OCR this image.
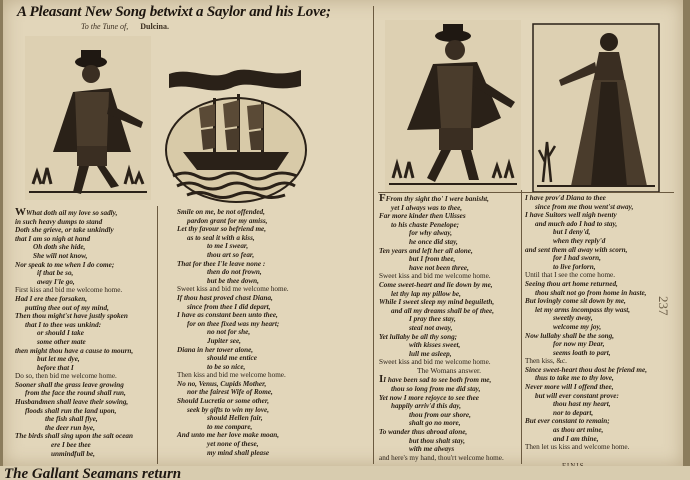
A Pleasant New Song betwixt a Saylor and his Love;
To the Tune of, Dulcina.
WWhat doth ail my love so sadly,
in such heavy dumps to stand
Doth she grieve, or take unkindly
that I am so nigh at hand
Oh doth she hide,
She will not know,
Nor speak to me when I do come;
if that be so,
away I'le go,
First kiss and bid me welcome home.
Had I ere thee forsaken,
putting thee out of my mind,
Then thou might'st have justly spoken
that I to thee was unkind:
or should I take
some other mate
then might thou have a cause to mourn,
but let me dye,
before that I
Do so, then bid me welcome home.
Sooner shall the grass leave growing
from the face the round shall run,
Husbandmen shall leave their sowing,
floods shall run the land upon,
the fish shall flye,
the deer run bye,
The birds shall sing upon the salt ocean
ere I bee thee
unmindfull be,
Smile on me, be not offended,
pardon grant for my amiss,
Let thy favour so befriend me,
as to seal it with a kiss,
to me I swear,
thou art so fear,
That for thee I'le leave none :
then do not frown,
but be thee down,
Sweet kiss and bid me welcome home.
If thou hast proved chast Diana,
since from thee I did depart,
I have as constant been unto thee,
for on thee fixed was my heart;
no not for she,
Jupiter see,
Diana in her tower alone,
should me entice
to be so nice,
Then kiss and bid me welcome home.
No no, Venus, Cupids Mother,
nor the fairest Wife of Rome,
Should Lucretia or some other,
seek by gifts to win my love,
should Hellen fair,
to me compare,
And unto me her love make moan,
yet none of these,
my mind shall please
FFrom thy sight tho' I were banisht,
yet I always was to thee,
Far more kinder then Ulisses
to his chaste Penelope;
for why alway,
he once did stay,
Ten years and left her all alone,
but I from thee,
have not been three,
Sweet kiss and bid me welcome home.
Come sweet-heart and lie down by me,
let thy lap my pillow be,
While I sweet sleep my mind beguileth,
and all my dreams shall be of thee,
I pray thee stay,
steal not away,
Yet lullaby be all thy song;
with kisses sweet,
lull me asleep,
Sweet kiss and bid me welcome home.
The Womans answer.
II have been sad to see both from me,
thou so long from me did stay,
Yet now I more rejoyce to see thee
happily arriv'd this day,
thou from our shore,
shalt go no more,
To wander thus abroad alone,
but thou shalt stay,
with me always
and here's my hand, thou'rt welcome home.
I have prov'd Diana to thee
since from me thou went'st away,
I have Suitors well nigh twenty
and much ado I had to stay,
but I deny'd,
when they reply'd
and sent them all away with scorn,
for I had sworn,
to live forlorn,
Until that I see the come home.
Seeing thou art home returned,
thou shalt not go from home in haste,
But lovingly come sit down by me,
let my arms incompass thy wast,
sweetly away,
welcome my joy,
Now lullaby shall be the song,
for now my Dear,
seems loath to part,
Then kiss, &c.
Since sweet-heart thou dost be friend me,
thus to take me to thy love,
Never more will I offend thee,
but will ever constant prove:
thou hast my heart,
nor to depart,
But ever constant to remain;
as thou art mine,
and I am thine,
Then let us kiss and welcome home.
237
The Gallant Seamans return
